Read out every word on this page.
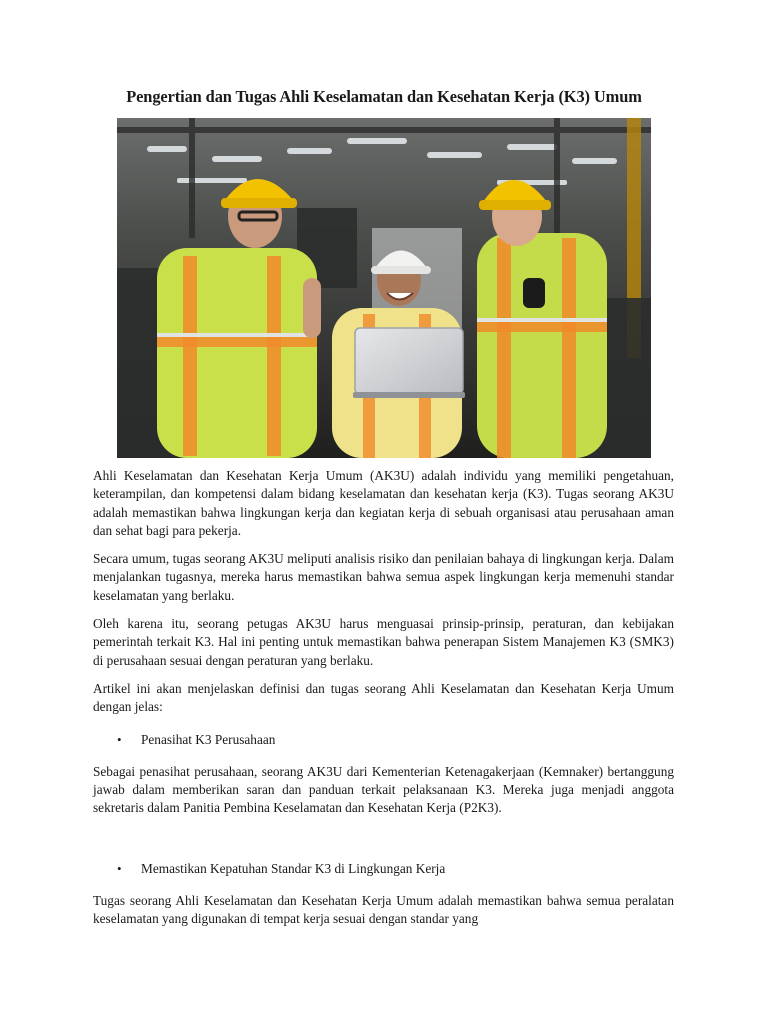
Pengertian dan Tugas Ahli Keselamatan dan Kesehatan Kerja (K3) Umum

Ahli Keselamatan dan Kesehatan Kerja Umum (AK3U) adalah individu yang memiliki pengetahuan, keterampilan, dan kompetensi dalam bidang keselamatan dan kesehatan kerja (K3). Tugas seorang AK3U adalah memastikan bahwa lingkungan kerja dan kegiatan kerja di sebuah organisasi atau perusahaan aman dan sehat bagi para pekerja.

Secara umum, tugas seorang AK3U meliputi analisis risiko dan penilaian bahaya di lingkungan kerja. Dalam menjalankan tugasnya, mereka harus memastikan bahwa semua aspek lingkungan kerja memenuhi standar keselamatan yang berlaku.

Oleh karena itu, seorang petugas AK3U harus menguasai prinsip-prinsip, peraturan, dan kebijakan pemerintah terkait K3. Hal ini penting untuk memastikan bahwa penerapan Sistem Manajemen K3 (SMK3) di perusahaan sesuai dengan peraturan yang berlaku.

Artikel ini akan menjelaskan definisi dan tugas seorang Ahli Keselamatan dan Kesehatan Kerja Umum dengan jelas:

•	Penasihat K3 Perusahaan

Sebagai penasihat perusahaan, seorang AK3U dari Kementerian Ketenagakerjaan (Kemnaker) bertanggung jawab dalam memberikan saran dan panduan terkait pelaksanaan K3. Mereka juga menjadi anggota sekretaris dalam Panitia Pembina Keselamatan dan Kesehatan Kerja (P2K3).

•	Memastikan Kepatuhan Standar K3 di Lingkungan Kerja

Tugas seorang Ahli Keselamatan dan Kesehatan Kerja Umum adalah memastikan bahwa semua peralatan keselamatan yang digunakan di tempat kerja sesuai dengan standar yang
